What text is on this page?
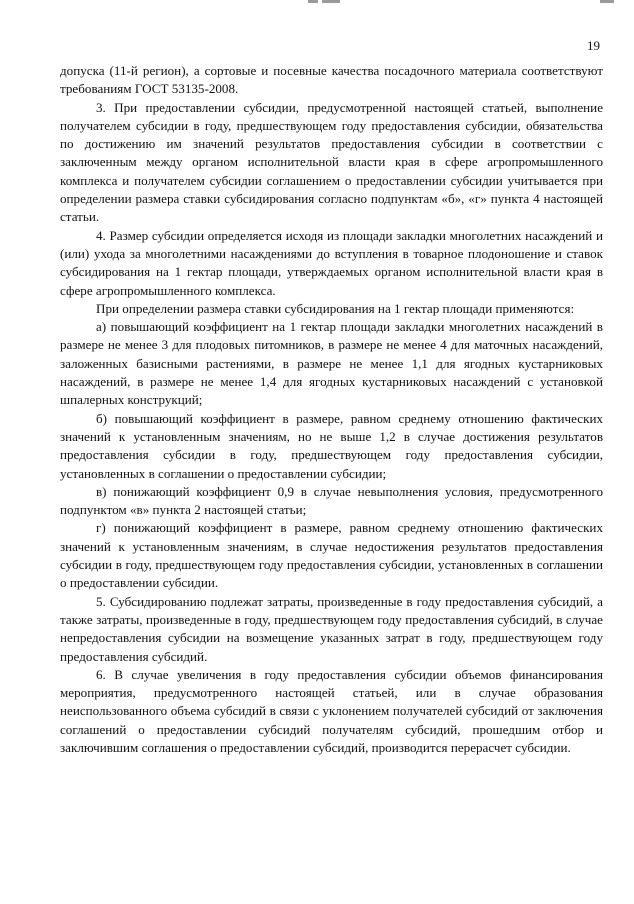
19

допуска (11-й регион), а сортовые и посевные качества посадочного материала соответствуют требованиям ГОСТ 53135-2008.

3. При предоставлении субсидии, предусмотренной настоящей статьей, выполнение получателем субсидии в году, предшествующем году предоставления субсидии, обязательства по достижению им значений результатов предоставления субсидии в соответствии с заключенным между органом исполнительной власти края в сфере агропромышленного комплекса и получателем субсидии соглашением о предоставлении субсидии учитывается при определении размера ставки субсидирования согласно подпунктам «б», «г» пункта 4 настоящей статьи.

4. Размер субсидии определяется исходя из площади закладки многолетних насаждений и (или) ухода за многолетними насаждениями до вступления в товарное плодоношение и ставок субсидирования на 1 гектар площади, утверждаемых органом исполнительной власти края в сфере агропромышленного комплекса.

При определении размера ставки субсидирования на 1 гектар площади применяются:

а) повышающий коэффициент на 1 гектар площади закладки многолетних насаждений в размере не менее 3 для плодовых питомников, в размере не менее 4 для маточных насаждений, заложенных базисными растениями, в размере не менее 1,1 для ягодных кустарниковых насаждений, в размере не менее 1,4 для ягодных кустарниковых насаждений с установкой шпалерных конструкций;

б) повышающий коэффициент в размере, равном среднему отношению фактических значений к установленным значениям, но не выше 1,2 в случае достижения результатов предоставления субсидии в году, предшествующем году предоставления субсидии, установленных в соглашении о предоставлении субсидии;

в) понижающий коэффициент 0,9 в случае невыполнения условия, предусмотренного подпунктом «в» пункта 2 настоящей статьи;

г) понижающий коэффициент в размере, равном среднему отношению фактических значений к установленным значениям, в случае недостижения результатов предоставления субсидии в году, предшествующем году предоставления субсидии, установленных в соглашении о предоставлении субсидии.

5. Субсидированию подлежат затраты, произведенные в году предоставления субсидий, а также затраты, произведенные в году, предшествующем году предоставления субсидий, в случае непредоставления субсидии на возмещение указанных затрат в году, предшествующем году предоставления субсидий.

6. В случае увеличения в году предоставления субсидии объемов финансирования мероприятия, предусмотренного настоящей статьей, или в случае образования неиспользованного объема субсидий в связи с уклонением получателей субсидий от заключения соглашений о предоставлении субсидий получателям субсидий, прошедшим отбор и заключившим соглашения о предоставлении субсидий, производится перерасчет субсидии.
